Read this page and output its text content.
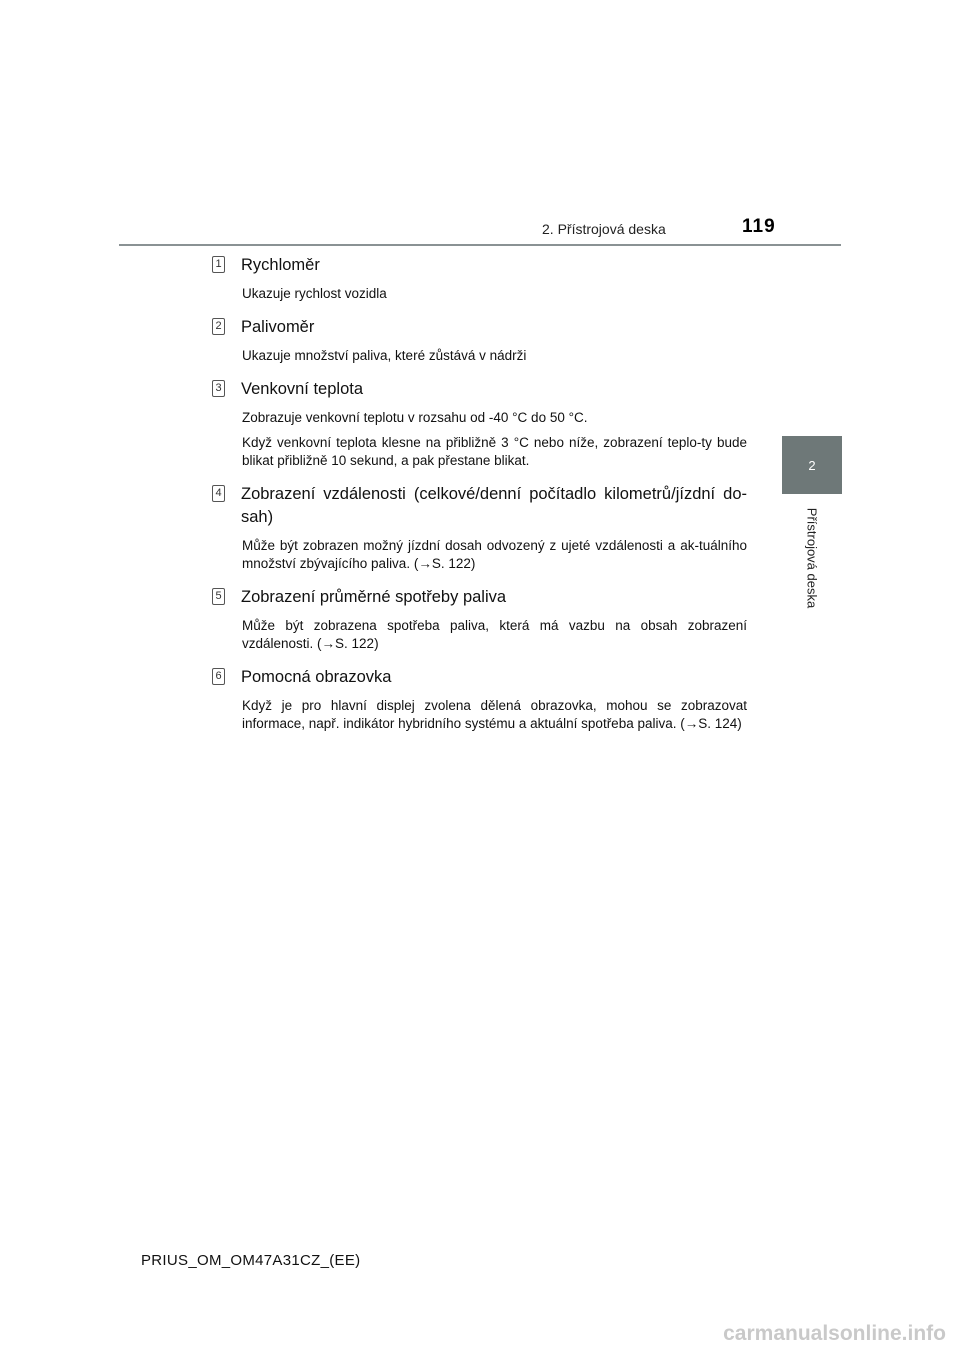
2. Přístrojová deska	119
2
Přístrojová deska
1 Rychloměr
Ukazuje rychlost vozidla
2 Palivoměr
Ukazuje množství paliva, které zůstává v nádrži
3 Venkovní teplota
Zobrazuje venkovní teplotu v rozsahu od -40 °C do 50 °C.
Když venkovní teplota klesne na přibližně 3 °C nebo níže, zobrazení teplo-ty bude blikat přibližně 10 sekund, a pak přestane blikat.
4 Zobrazení vzdálenosti (celkové/denní počítadlo kilometrů/jízdní do-sah)
Může být zobrazen možný jízdní dosah odvozený z ujeté vzdálenosti a ak-tuálního množství zbývajícího paliva. (→S. 122)
5 Zobrazení průměrné spotřeby paliva
Může být zobrazena spotřeba paliva, která má vazbu na obsah zobrazení vzdálenosti. (→S. 122)
6 Pomocná obrazovka
Když je pro hlavní displej zvolena dělená obrazovka, mohou se zobrazovat informace, např. indikátor hybridního systému a aktuální spotřeba paliva. (→S. 124)
PRIUS_OM_OM47A31CZ_(EE)
carmanualsonline.info
